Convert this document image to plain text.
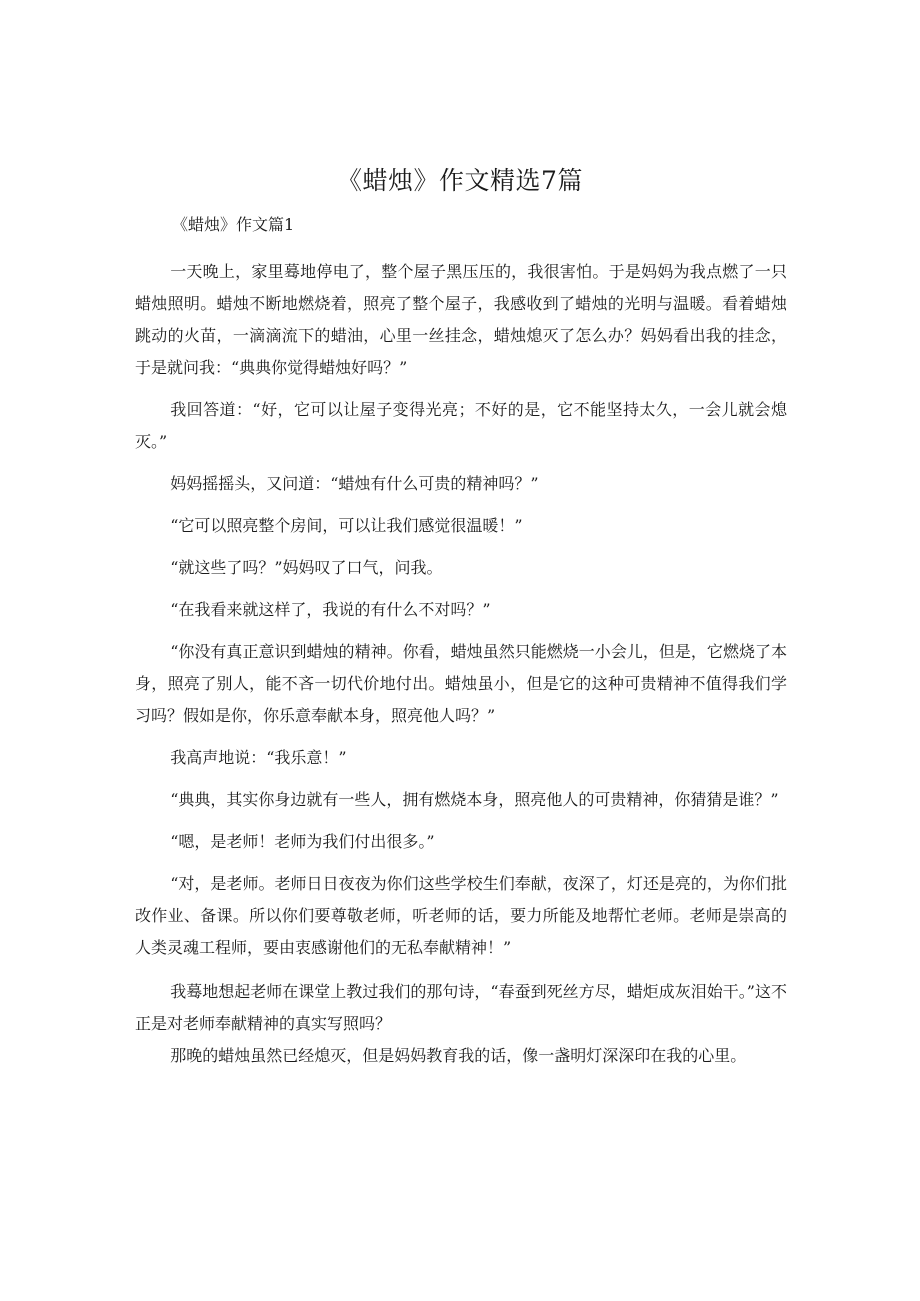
《蜡烛》作文精选7篇
《蜡烛》作文篇1

一天晚上，家里蓦地停电了，整个屋子黑压压的，我很害怕。于是妈妈为我点燃了一只蜡烛照明。蜡烛不断地燃烧着，照亮了整个屋子，我感收到了蜡烛的光明与温暖。看着蜡烛跳动的火苗，一滴滴流下的蜡油，心里一丝挂念，蜡烛熄灭了怎么办？妈妈看出我的挂念，于是就问我：“典典你觉得蜡烛好吗？”

我回答道：“好，它可以让屋子变得光亮；不好的是，它不能坚持太久，一会儿就会熄灭。”

妈妈摇摇头，又问道：“蜡烛有什么可贵的精神吗？”

“它可以照亮整个房间，可以让我们感觉很温暖！”

“就这些了吗？”妈妈叹了口气，问我。

“在我看来就这样了，我说的有什么不对吗？”

“你没有真正意识到蜡烛的精神。你看，蜡烛虽然只能燃烧一小会儿，但是，它燃烧了本身，照亮了别人，能不吝一切代价地付出。蜡烛虽小，但是它的这种可贵精神不值得我们学习吗？假如是你，你乐意奉献本身，照亮他人吗？”

我高声地说：“我乐意！”

“典典，其实你身边就有一些人，拥有燃烧本身，照亮他人的可贵精神，你猜猜是谁？”

“嗯，是老师！老师为我们付出很多。”

“对，是老师。老师日日夜夜为你们这些学校生们奉献，夜深了，灯还是亮的，为你们批改作业、备课。所以你们要尊敬老师，听老师的话，要力所能及地帮忙老师。老师是崇高的人类灵魂工程师，要由衷感谢他们的无私奉献精神！”

我蓦地想起老师在课堂上教过我们的那句诗，“春蚕到死丝方尽，蜡炬成灰泪始干。”这不正是对老师奉献精神的真实写照吗？

那晚的蜡烛虽然已经熄灭，但是妈妈教育我的话，像一盏明灯深深印在我的心里。
